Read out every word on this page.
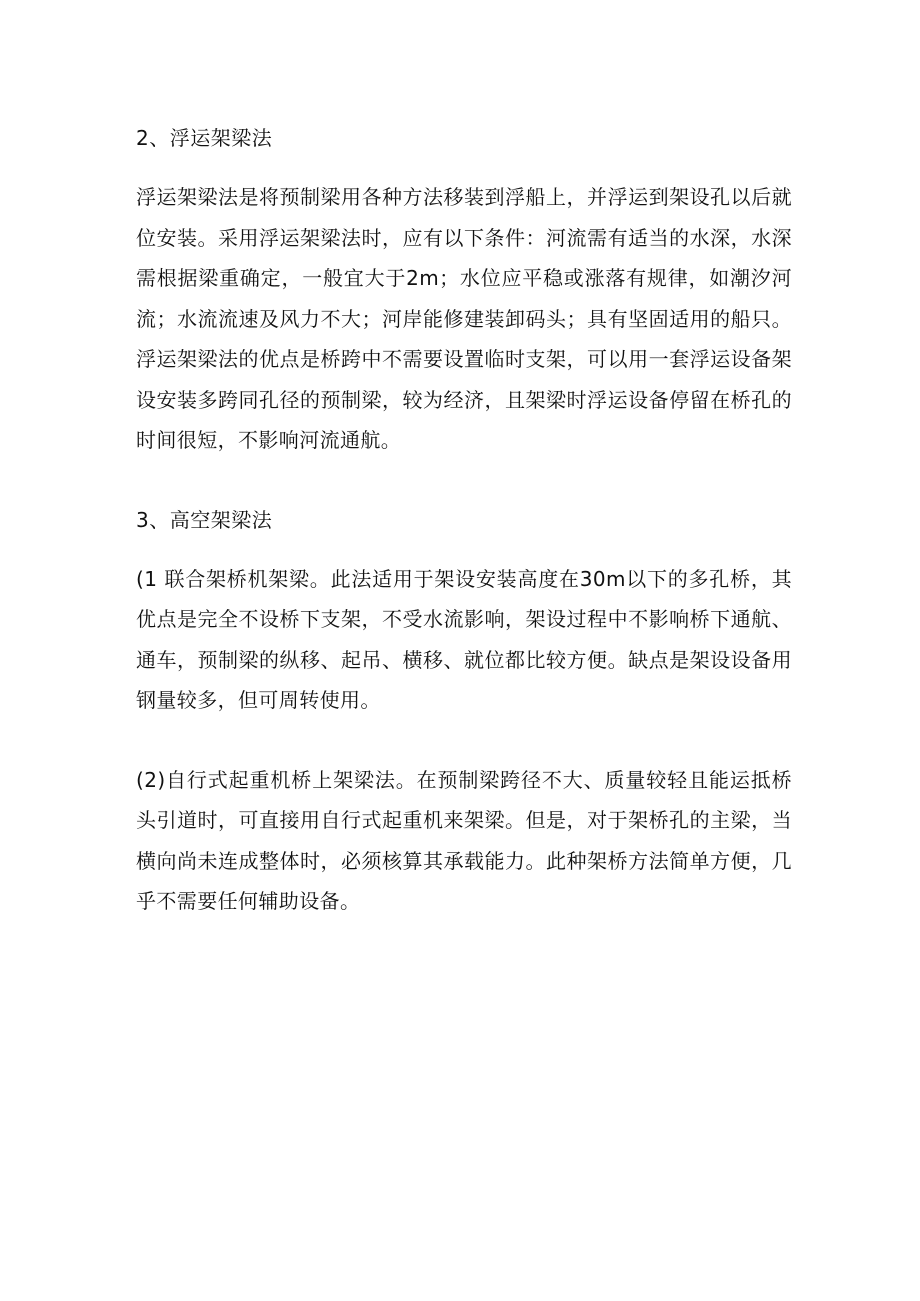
2、浮运架梁法

浮运架梁法是将预制梁用各种方法移装到浮船上，并浮运到架设孔以后就位安装。采用浮运架梁法时，应有以下条件：河流需有适当的水深，水深需根据梁重确定，一般宜大于2m；水位应平稳或涨落有规律，如潮汐河流；水流流速及风力不大；河岸能修建装卸码头；具有坚固适用的船只。浮运架梁法的优点是桥跨中不需要设置临时支架，可以用一套浮运设备架设安装多跨同孔径的预制梁，较为经济，且架梁时浮运设备停留在桥孔的时间很短，不影响河流通航。

3、高空架梁法

(1 联合架桥机架梁。此法适用于架设安装高度在30m以下的多孔桥，其优点是完全不设桥下支架，不受水流影响，架设过程中不影响桥下通航、通车，预制梁的纵移、起吊、横移、就位都比较方便。缺点是架设设备用钢量较多，但可周转使用。

(2)自行式起重机桥上架梁法。在预制梁跨径不大、质量较轻且能运抵桥头引道时，可直接用自行式起重机来架梁。但是，对于架桥孔的主梁，当横向尚未连成整体时，必须核算其承载能力。此种架桥方法简单方便，几乎不需要任何辅助设备。
